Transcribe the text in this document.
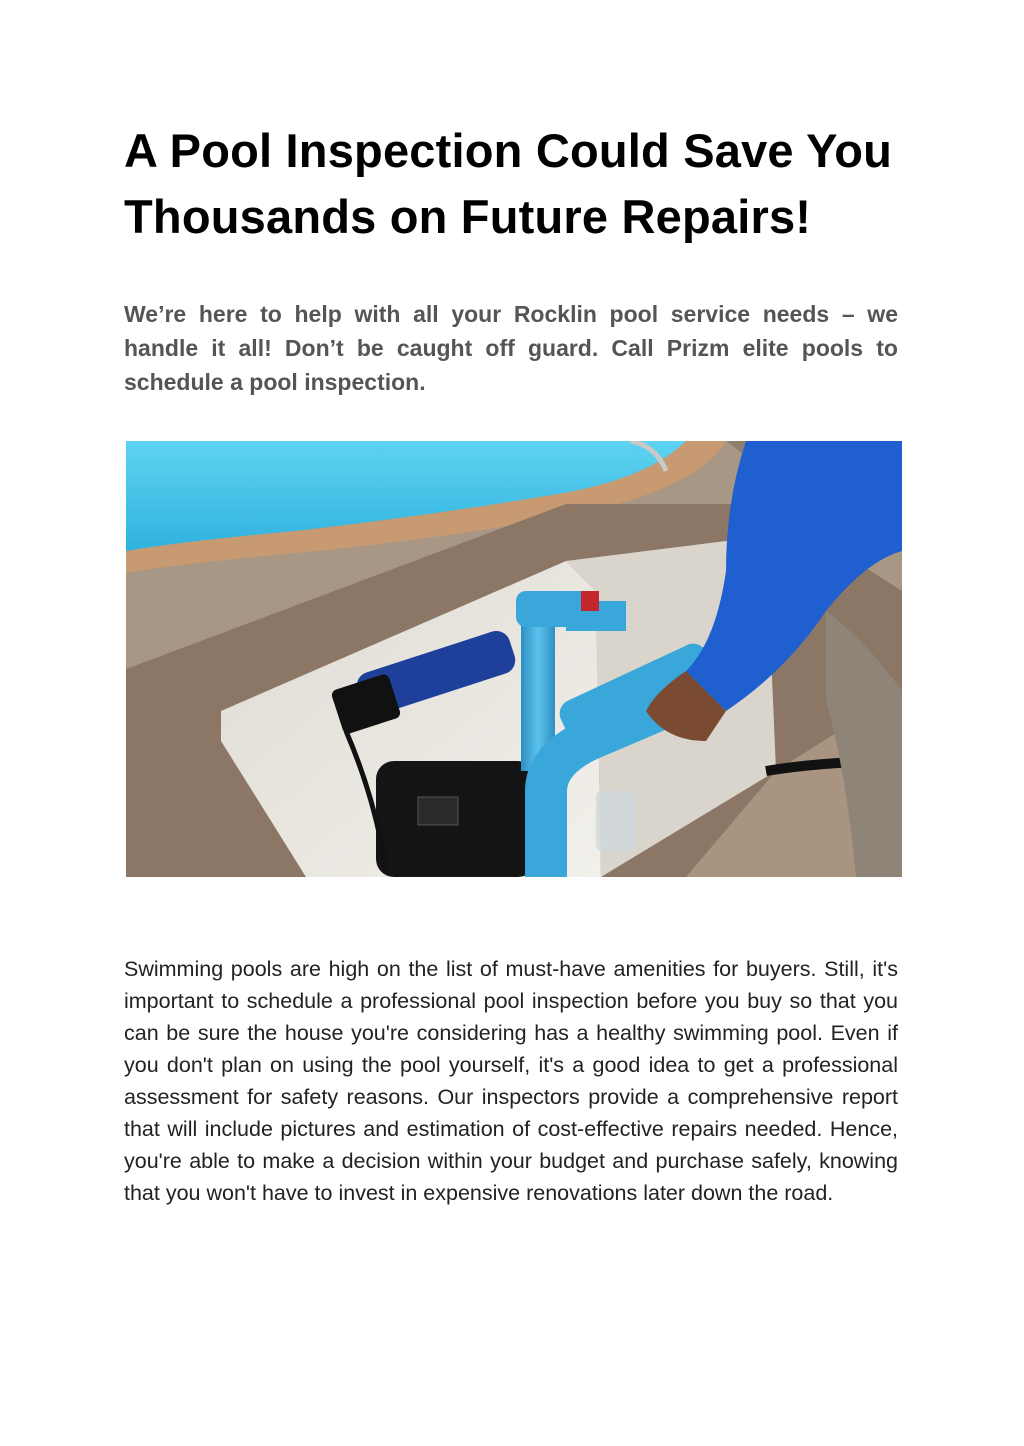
A Pool Inspection Could Save You Thousands on Future Repairs!

We’re here to help with all your Rocklin pool service needs – we handle it all! Don’t be caught off guard. Call Prizm elite pools to schedule a pool inspection.

Swimming pools are high on the list of must-have amenities for buyers. Still, it's important to schedule a professional pool inspection before you buy so that you can be sure the house you're considering has a healthy swimming pool. Even if you don't plan on using the pool yourself, it's a good idea to get a professional assessment for safety reasons. Our inspectors provide a comprehensive report that will include pictures and estimation of cost-effective repairs needed. Hence, you're able to make a decision within your budget and purchase safely, knowing that you won't have to invest in expensive renovations later down the road.
